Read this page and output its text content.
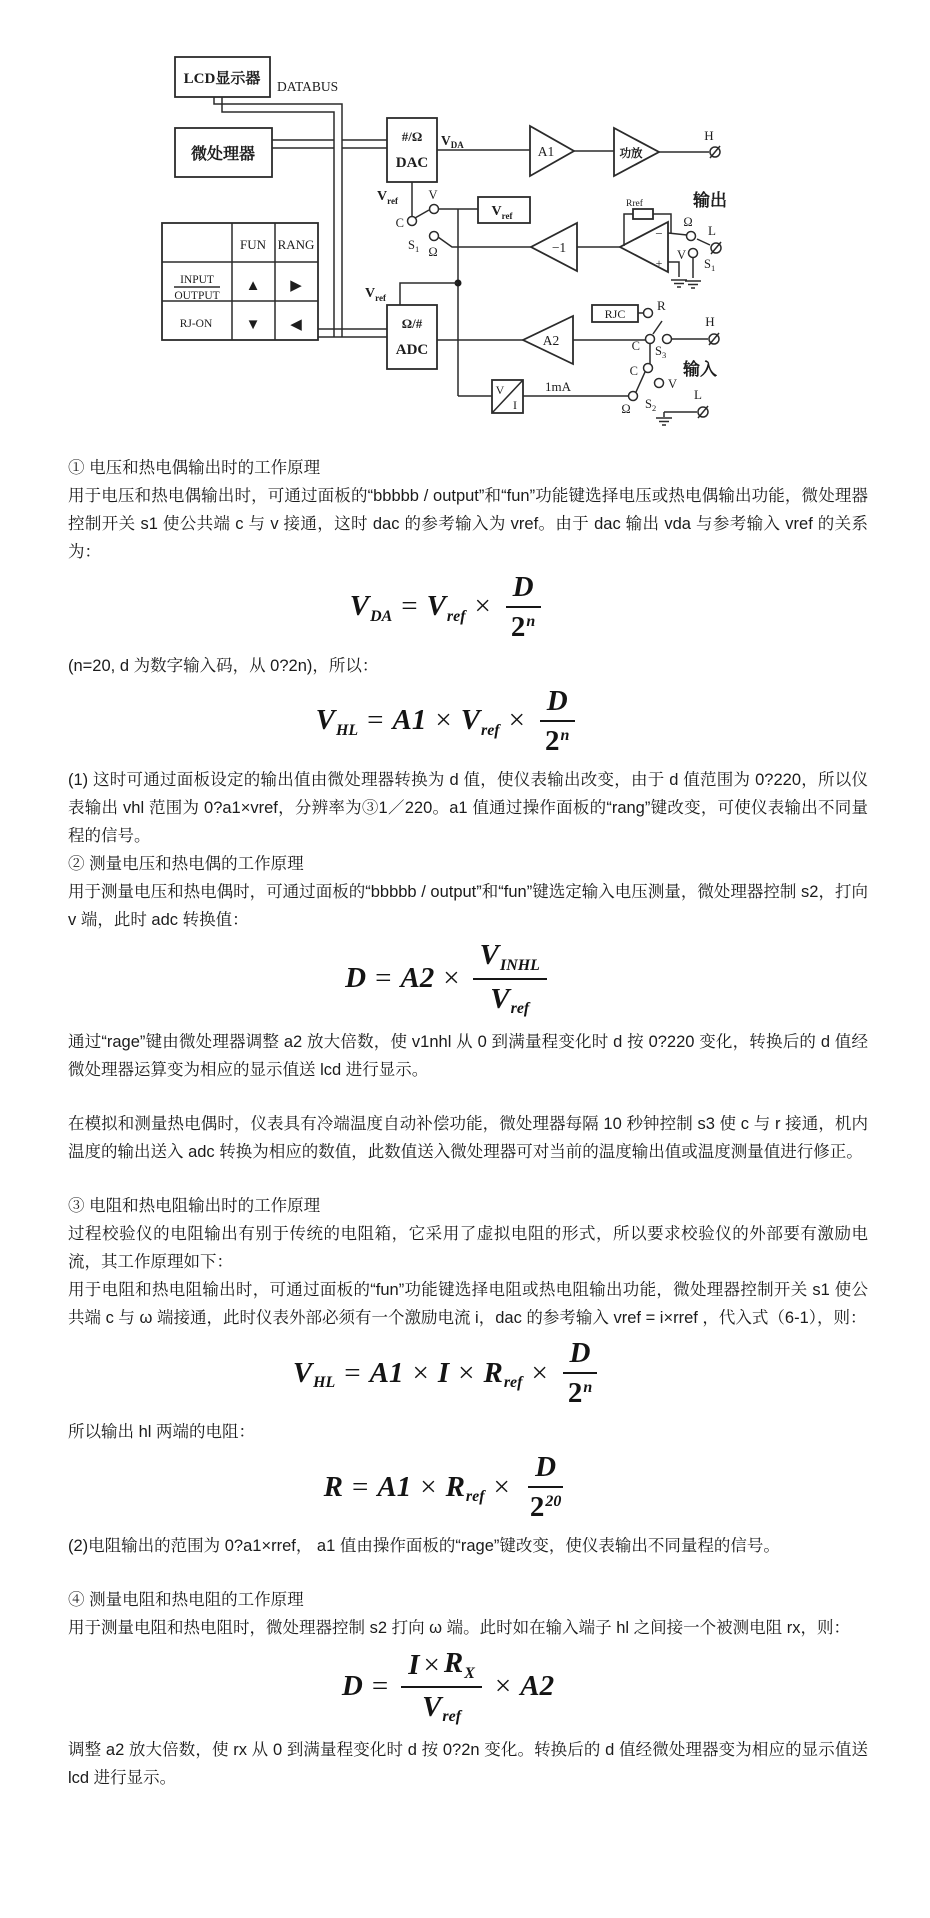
LCD显示器 DATABUS
微处理器
FUN RANG
INPUT
OUTPUT
RJ-ON
▲ ▶
▼ ◀
#/Ω
DAC
$V_{DA}$	A1	功放
H
$V_{ref}$
C
V
$S_1$ Ω
$V_{ref}$
−1
−
+
Rref
Ω
V
L
$S_1$
输出
$V_{ref}$
Ω/#
ADC
A2
RJC
R
H
C $S_3$
C
V
$S_2$
Ω
输入
L
V
I
1mA

① 电压和热电偶输出时的工作原理

用于电压和热电偶输出时，可通过面板的“bbbbb / output”和“fun”功能键选择电压或热电偶输出功能，微处理器控制开关 s1 使公共端 c 与 v 接通，这时 dac 的参考输入为 vref。由于 dac 输出 vda 与参考输入 vref 的关系为：

VDA = Vref × $\frac{D}{2^n}$

(n=20, d 为数字输入码，从 0?2n)，所以：

VHL = A1 × Vref × $\frac{D}{2^n}$

(1) 这时可通过面板设定的输出值由微处理器转换为 d 值，使仪表输出改变，由于 d 值范围为 0?220，所以仪表输出 vhl 范围为 0?a1×vref，分辨率为③1／220。a1 值通过操作面板的“rang”键改变，可使仪表输出不同量程的信号。

② 测量电压和热电偶的工作原理

用于测量电压和热电偶时，可通过面板的“bbbbb / output”和“fun”键选定输入电压测量，微处理器控制 s2，打向 v 端，此时 adc 转换值：

D = A2 ×
VINHL
Vref

通过“rage”键由微处理器调整 a2 放大倍数，使 v1nhl 从 0 到满量程变化时 d 按 0?220 变化，转换后的 d 值经微处理器运算变为相应的显示值送 lcd 进行显示。

在模拟和测量热电偶时，仪表具有冷端温度自动补偿功能，微处理器每隔 10 秒钟控制 s3 使 c 与 r 接通，机内温度的输出送入 adc 转换为相应的数值，此数值送入微处理器可对当前的温度输出值或温度测量值进行修正。

③ 电阻和热电阻输出时的工作原理

过程校验仪的电阻输出有别于传统的电阻箱，它采用了虚拟电阻的形式，所以要求校验仪的外部要有激励电流，其工作原理如下：

用于电阻和热电阻输出时，可通过面板的“fun”功能键选择电阻或热电阻输出功能，微处理器控制开关 s1 使公共端 c 与 ω 端接通，此时仪表外部必须有一个激励电流 i，dac 的参考输入 vref = i×rref ，代入式（6-1），则：

VHL = A1 × I × Rref × $\frac{D}{2^n}$

所以输出 hl 两端的电阻：

R = A1 × Rref × $\frac{D}{2^{20}}$

(2)电阻输出的范围为 0?a1×rref， a1 值由操作面板的“rage”键改变，使仪表输出不同量程的信号。

④ 测量电阻和热电阻的工作原理

用于测量电阻和热电阻时，微处理器控制 s2 打向 ω 端。此时如在输入端子 hl 之间接一个被测电阻 rx，则：

D =
I × RX
Vref
× A2

调整 a2 放大倍数，使 rx 从 0 到满量程变化时 d 按 0?2n 变化。转换后的 d 值经微处理器变为相应的显示值送 lcd 进行显示。
